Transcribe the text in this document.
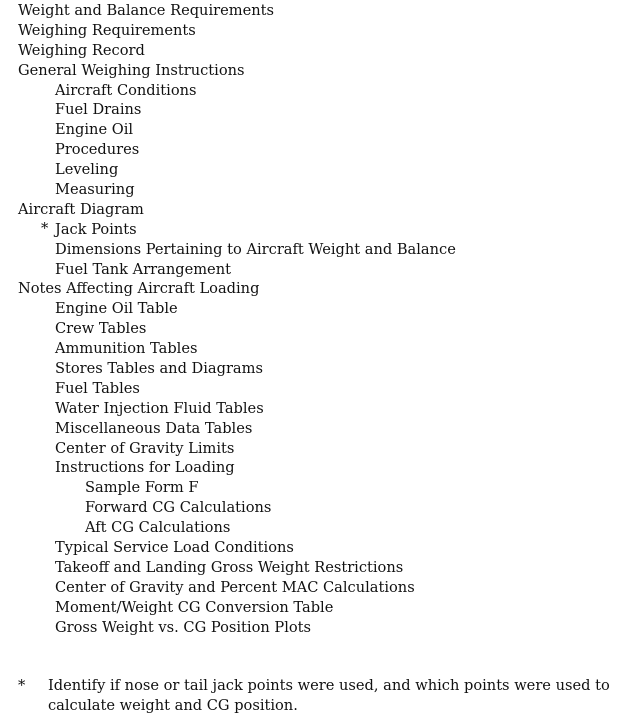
Weight and Balance Requirements
Weighing Requirements
Weighing Record
General Weighing Instructions
Aircraft Conditions
Fuel Drains
Engine Oil
Procedures
Leveling
Measuring
Aircraft Diagram
* Jack Points
Dimensions Pertaining to Aircraft Weight and Balance
Fuel Tank Arrangement
Notes Affecting Aircraft Loading
Engine Oil Table
Crew Tables
Ammunition Tables
Stores Tables and Diagrams
Fuel Tables
Water Injection Fluid Tables
Miscellaneous Data Tables
Center of Gravity Limits
Instructions for Loading
Sample Form F
Forward CG Calculations
Aft CG Calculations
Typical Service Load Conditions
Takeoff and Landing Gross Weight Restrictions
Center of Gravity and Percent MAC Calculations
Moment/Weight CG Conversion Table
Gross Weight vs. CG Position Plots
* Identify if nose or tail jack points were used, and which points were used to calculate weight and CG position.
